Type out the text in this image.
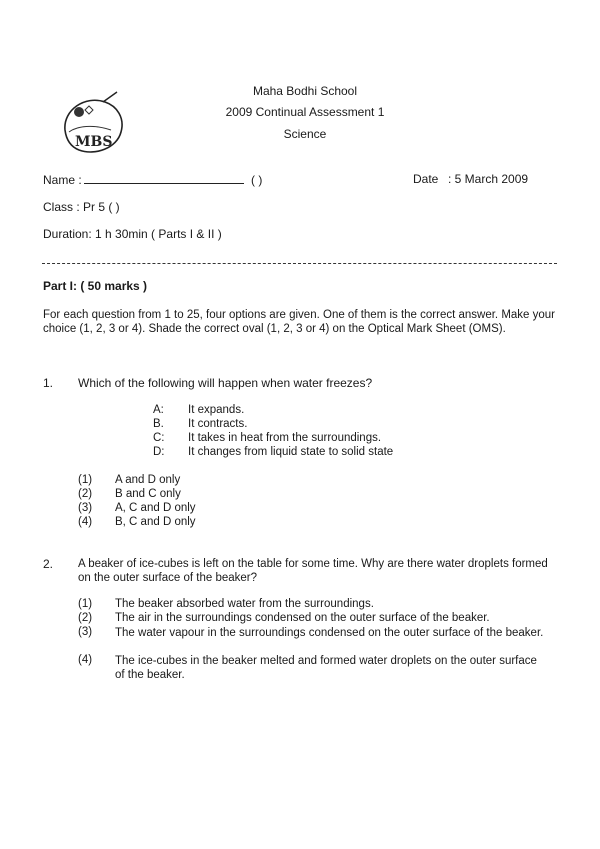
MBS
Maha Bodhi School
2009 Continual Assessment 1
Science
Name :	( )	Date : 5 March 2009
Class : Pr 5 ( )
Duration: 1 h 30min ( Parts I & II )
Part I: ( 50 marks )
For each question from 1 to 25, four options are given. One of them is the correct answer. Make your choice (1, 2, 3 or 4). Shade the correct oval (1, 2, 3 or 4) on the Optical Mark Sheet (OMS).
1. Which of the following will happen when water freezes?
A: It expands.
B. It contracts.
C: It takes in heat from the surroundings.
D: It changes from liquid state to solid state
(1) A and D only
(2) B and C only
(3) A, C and D only
(4) B, C and D only
2. A beaker of ice-cubes is left on the table for some time. Why are there water droplets formed on the outer surface of the beaker?
(1) The beaker absorbed water from the surroundings.
(2) The air in the surroundings condensed on the outer surface of the beaker.
(3) The water vapour in the surroundings condensed on the outer surface of the beaker.
(4) The ice-cubes in the beaker melted and formed water droplets on the outer surface of the beaker.
